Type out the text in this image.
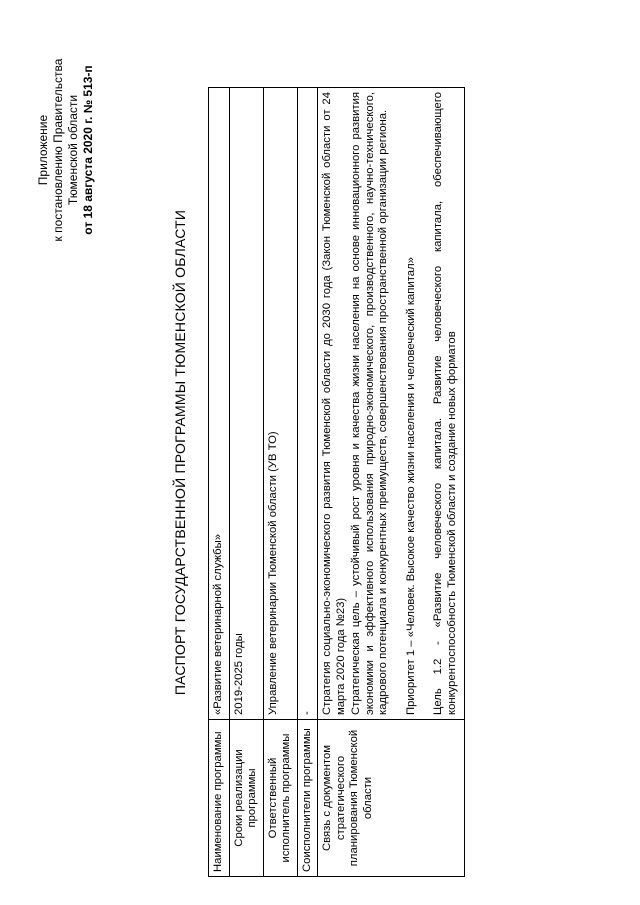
Приложение к постановлению Правительства Тюменской области от 18 августа 2020 г. № 513-п
ПАСПОРТ ГОСУДАРСТВЕННОЙ ПРОГРАММЫ ТЮМЕНСКОЙ ОБЛАСТИ
Наименование программы	«Развитие ветеринарной службы»
Сроки реализации программы	2019-2025 годы
Ответственный исполнитель программы	Управление ветеринарии Тюменской области (УВ ТО)
Соисполнители программы	-
Связь с документом стратегического планирования Тюменской области	Стратегия социально-экономического развития Тюменской области до 2030 года (Закон Тюменской области от 24 марта 2020 года №23) Стратегическая цель – устойчивый рост уровня и качества жизни населения на основе инновационного развития экономики и эффективного использования природно-экономического, производственного, научно-технического, кадрового потенциала и конкурентных преимуществ, совершенствования пространственной организации региона. Приоритет 1 – «Человек. Высокое качество жизни населения и человеческий капитал» Цель 1.2 - «Развитие человеческого капитала. Развитие человеческого капитала, обеспечивающего конкурентоспособность Тюменской области и создание новых форматов
